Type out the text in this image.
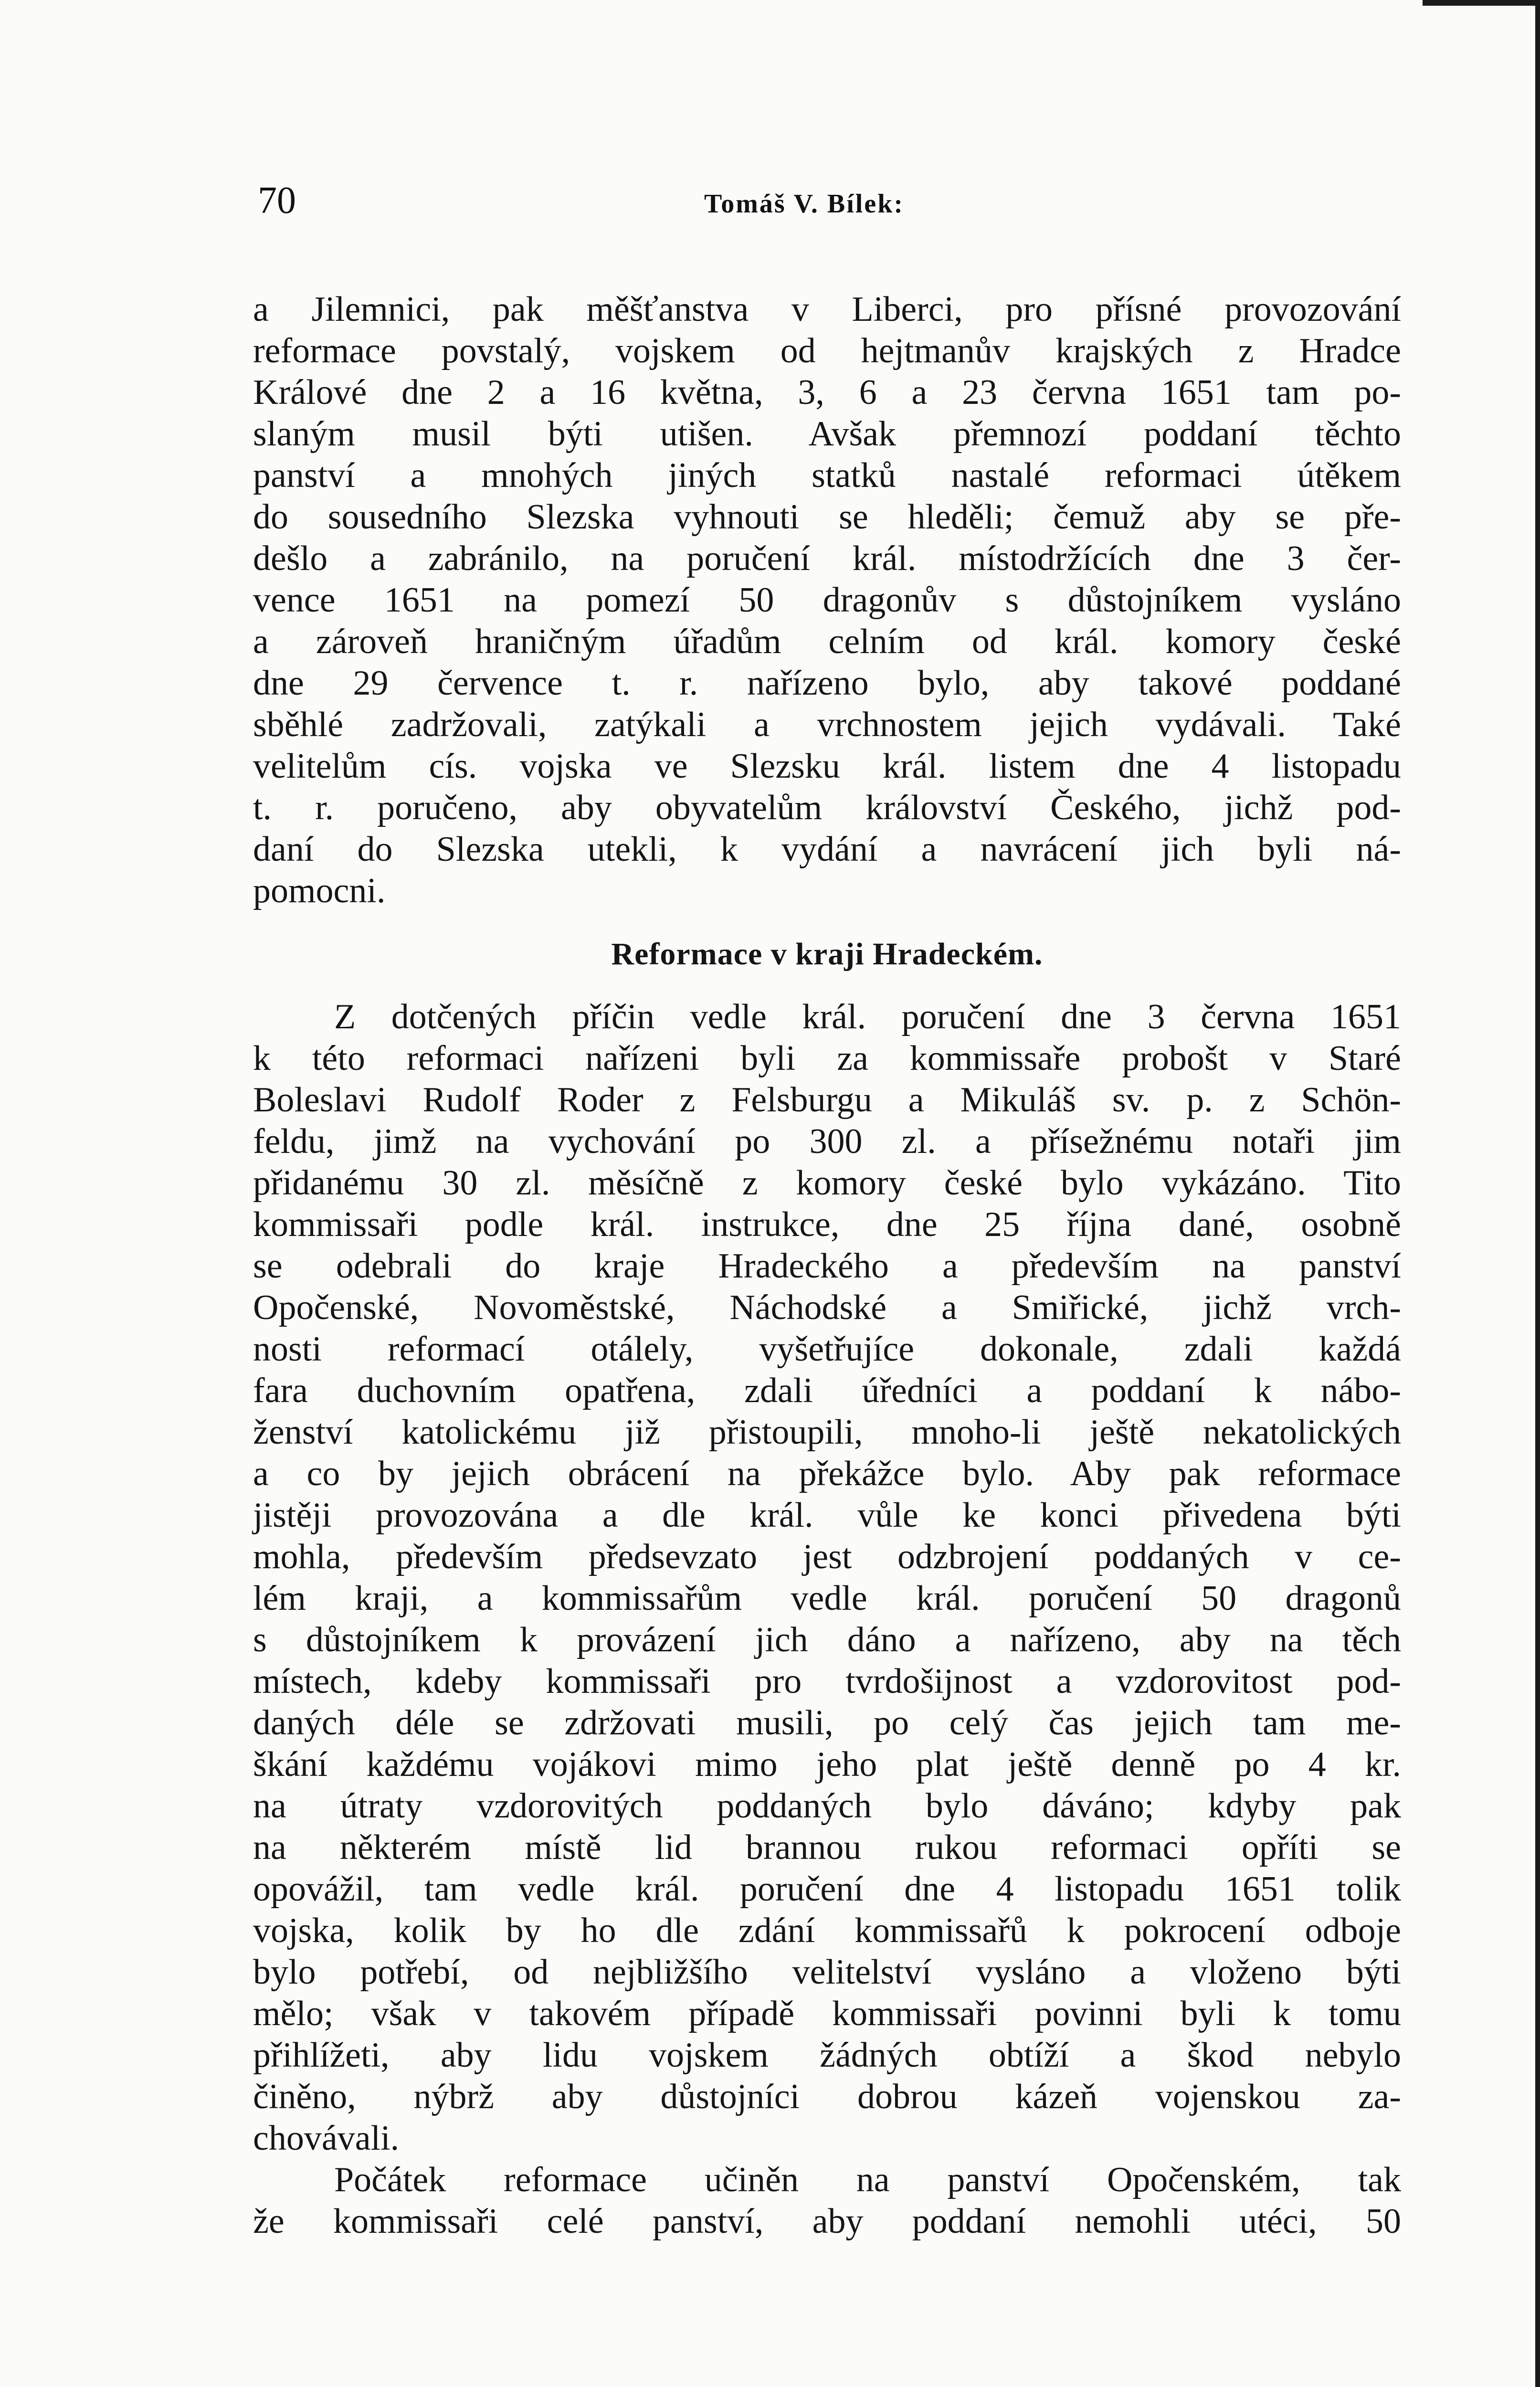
70	Tomáš V. Bílek:
a Jilemnici, pak měšťanstva v Liberci, pro přísné provozování
reformace povstalý, vojskem od hejtmanův krajských z Hradce
Králové dne 2 a 16 května, 3, 6 a 23 června 1651 tam po-
slaným musil býti utišen. Avšak přemnozí poddaní těchto
panství a mnohých jiných statků nastalé reformaci útěkem
do sousedního Slezska vyhnouti se hleděli; čemuž aby se pře-
dešlo a zabránilo, na poručení král. místodržících dne 3 čer-
vence 1651 na pomezí 50 dragonův s důstojníkem vysláno
a zároveň hraničným úřadům celním od král. komory české
dne 29 července t. r. nařízeno bylo, aby takové poddané
sběhlé zadržovali, zatýkali a vrchnostem jejich vydávali. Také
velitelům cís. vojska ve Slezsku král. listem dne 4 listopadu
t. r. poručeno, aby obyvatelům království Českého, jichž pod-
daní do Slezska utekli, k vydání a navrácení jich byli ná-
pomocni.
Reformace v kraji Hradeckém.
Z dotčených příčin vedle král. poručení dne 3 června 1651
k této reformaci nařízeni byli za kommissaře probošt v Staré
Boleslavi Rudolf Roder z Felsburgu a Mikuláš sv. p. z Schön-
feldu, jimž na vychování po 300 zl. a přísežnému notaři jim
přidanému 30 zl. měsíčně z komory české bylo vykázáno. Tito
kommissaři podle král. instrukce, dne 25 října dané, osobně
se odebrali do kraje Hradeckého a především na panství
Opočenské, Novoměstské, Náchodské a Smiřické, jichž vrch-
nosti reformací otálely, vyšetřujíce dokonale, zdali každá
fara duchovním opatřena, zdali úředníci a poddaní k nábo-
ženství katolickému již přistoupili, mnoho-li ještě nekatolických
a co by jejich obrácení na překážce bylo. Aby pak reformace
jistěji provozována a dle král. vůle ke konci přivedena býti
mohla, především předsevzato jest odzbrojení poddaných v ce-
lém kraji, a kommissařům vedle král. poručení 50 dragonů
s důstojníkem k provázení jich dáno a nařízeno, aby na těch
místech, kdeby kommissaři pro tvrdošijnost a vzdorovitost pod-
daných déle se zdržovati musili, po celý čas jejich tam me-
škání každému vojákovi mimo jeho plat ještě denně po 4 kr.
na útraty vzdorovitých poddaných bylo dáváno; kdyby pak
na některém místě lid brannou rukou reformaci opříti se
opovážil, tam vedle král. poručení dne 4 listopadu 1651 tolik
vojska, kolik by ho dle zdání kommissařů k pokrocení odboje
bylo potřebí, od nejbližšího velitelství vysláno a vloženo býti
mělo; však v takovém případě kommissaři povinni byli k tomu
přihlížeti, aby lidu vojskem žádných obtíží a škod nebylo
činěno, nýbrž aby důstojníci dobrou kázeň vojenskou za-
chovávali.
Počátek reformace učiněn na panství Opočenském, tak
že kommissaři celé panství, aby poddaní nemohli utéci, 50
